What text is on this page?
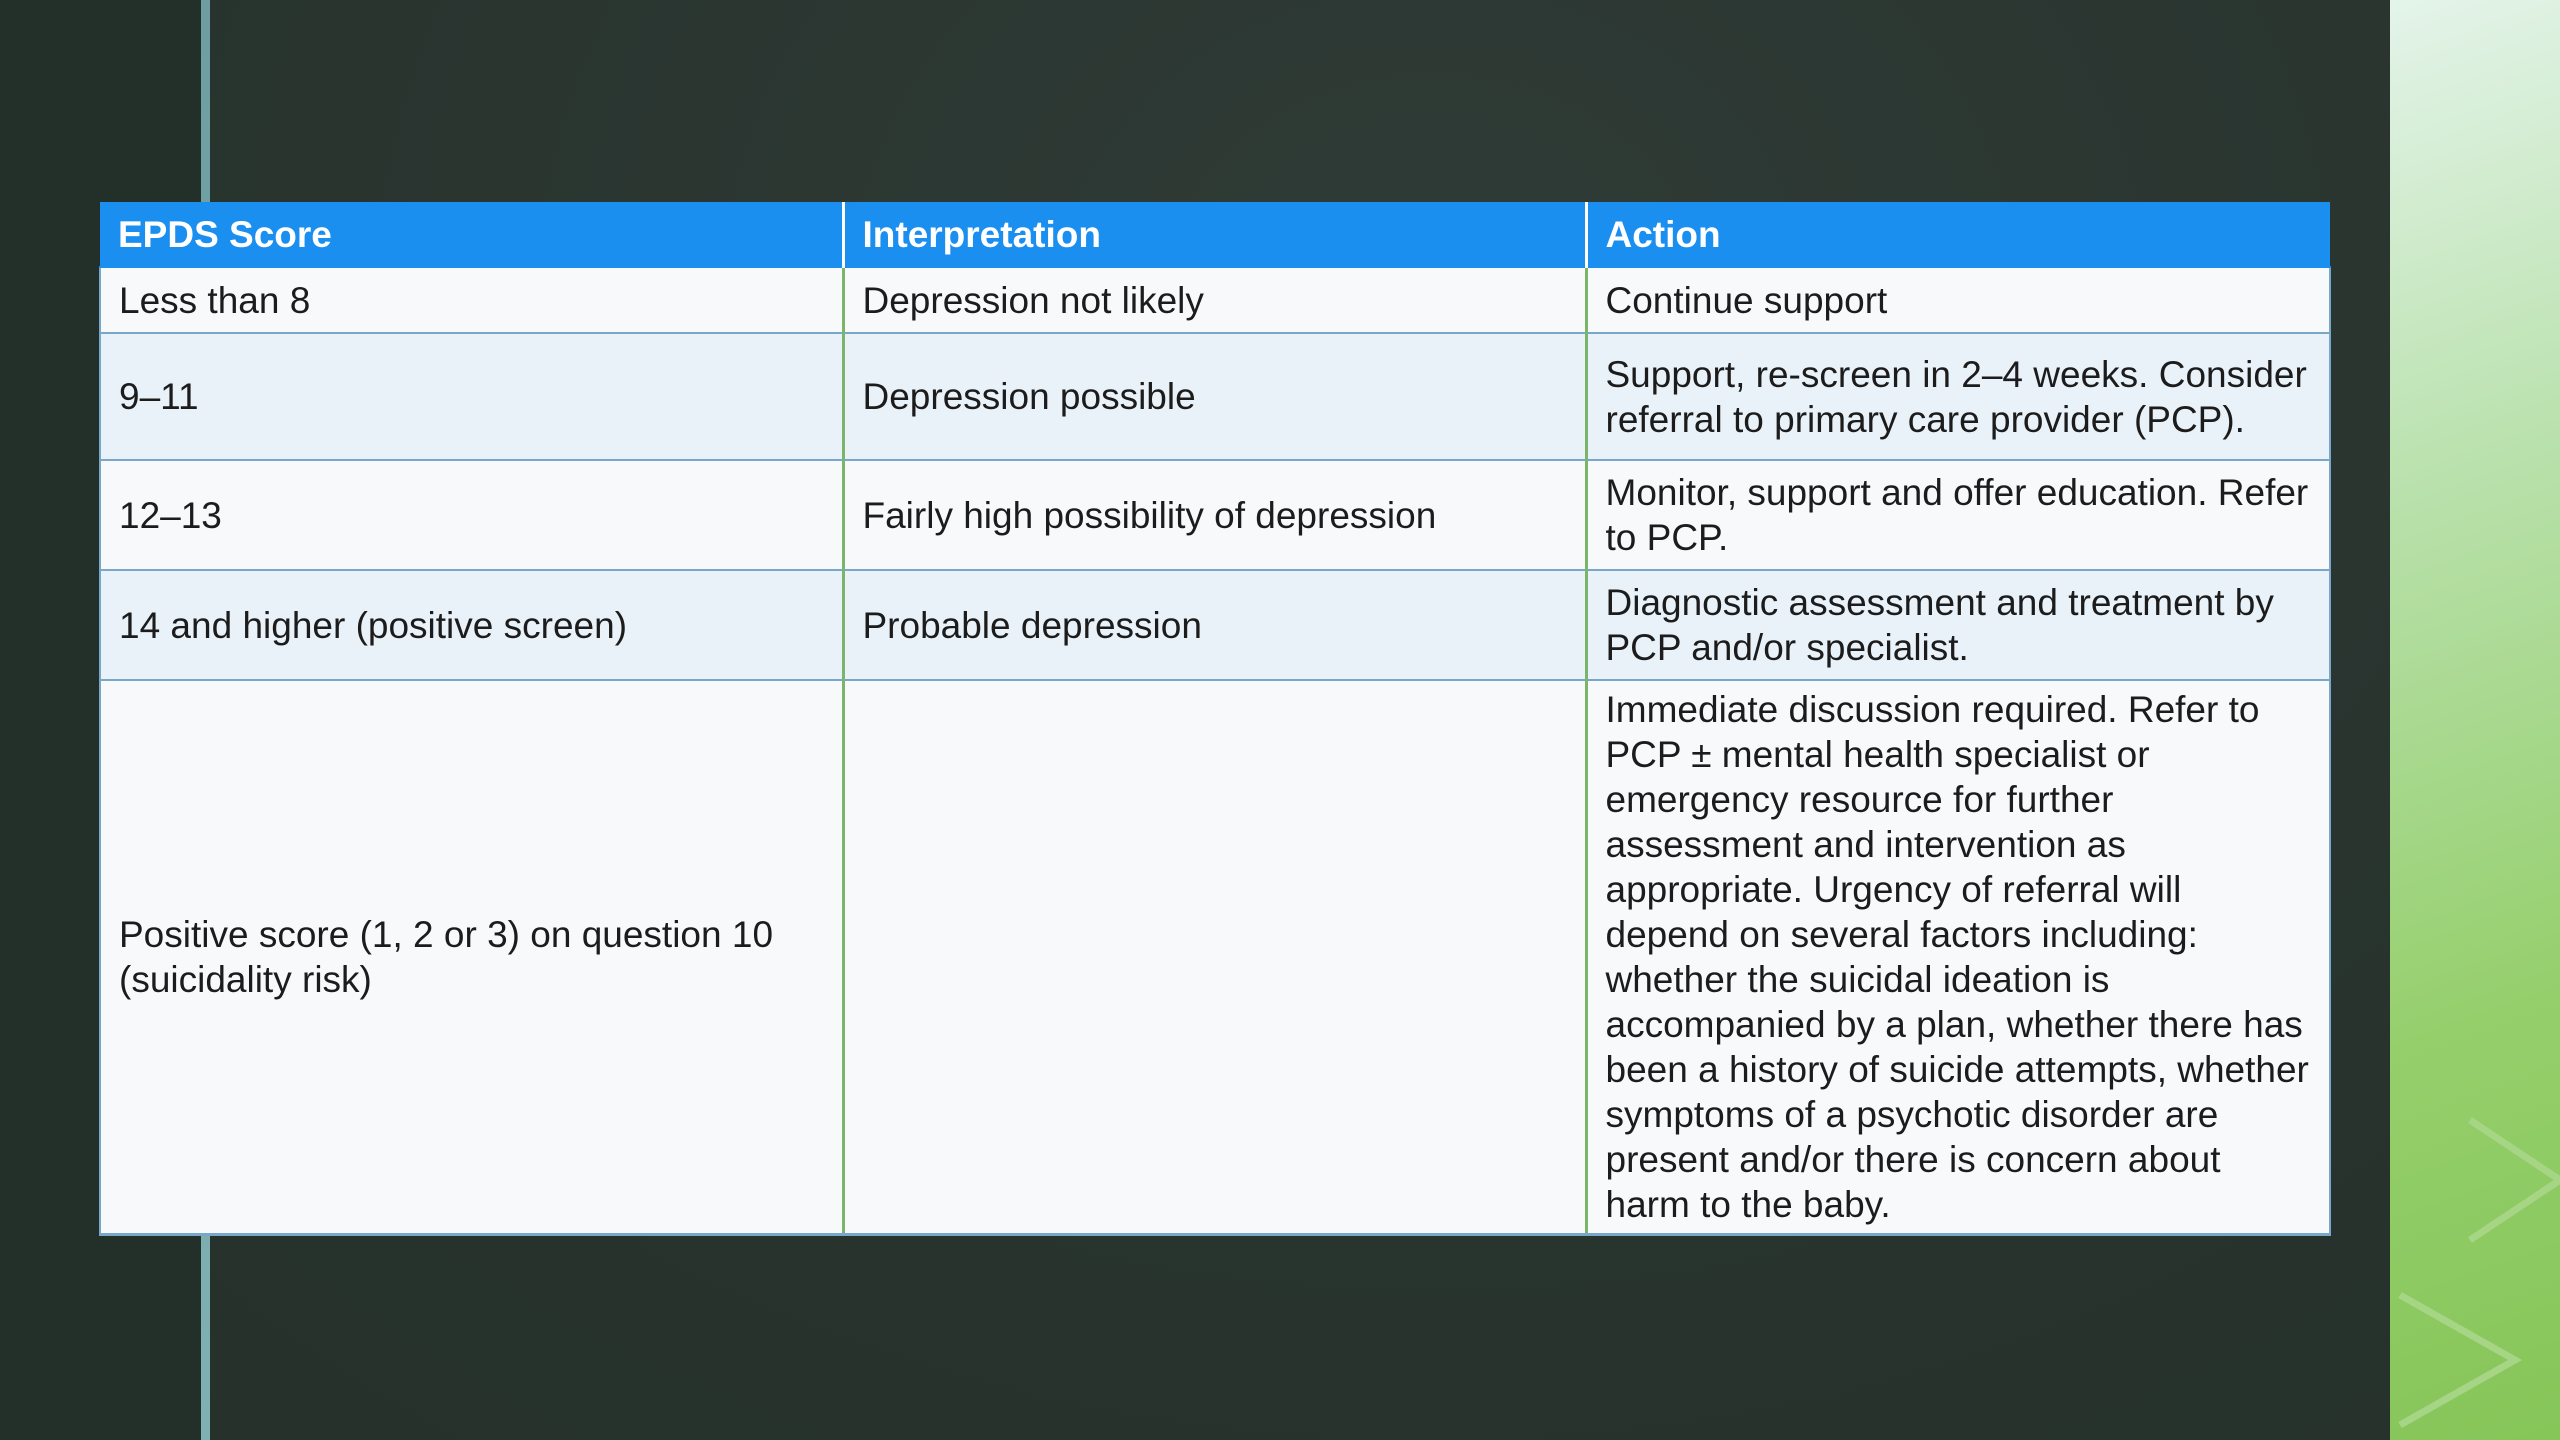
EPDS Score	Interpretation	Action
Less than 8	Depression not likely	Continue support
9–11	Depression possible	Support, re-screen in 2–4 weeks. Consider referral to primary care provider (PCP).
12–13	Fairly high possibility of depression	Monitor, support and offer education. Refer to PCP.
14 and higher (positive screen)	Probable depression	Diagnostic assessment and treatment by PCP and/or specialist.
Positive score (1, 2 or 3) on question 10 (suicidality risk)		Immediate discussion required. Refer to PCP ± mental health specialist or emergency resource for further assessment and intervention as appropriate. Urgency of referral will depend on several factors including: whether the suicidal ideation is accompanied by a plan, whether there has been a history of suicide attempts, whether symptoms of a psychotic disorder are present and/or there is concern about harm to the baby.
